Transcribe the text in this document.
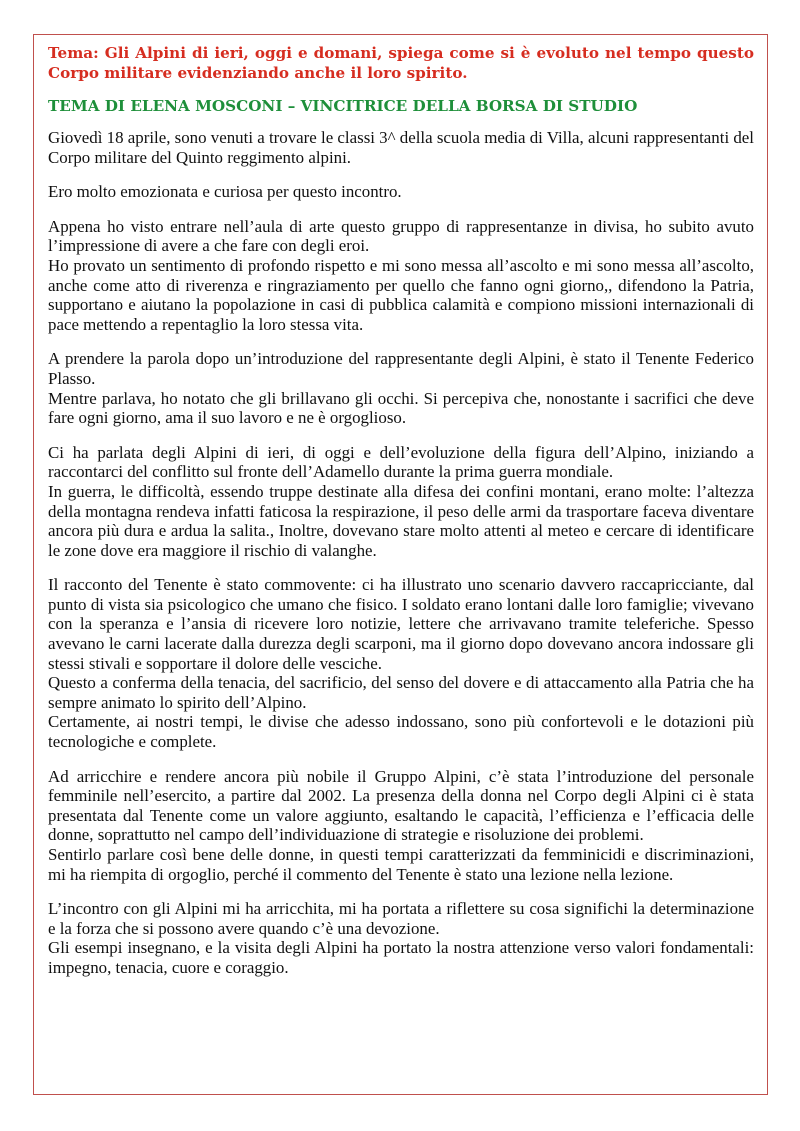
Tema: Gli Alpini di ieri, oggi e domani, spiega come si è evoluto nel tempo questo Corpo militare evidenziando anche il loro spirito.

TEMA DI ELENA MOSCONI – VINCITRICE DELLA BORSA DI STUDIO

Giovedì 18 aprile, sono venuti a trovare le classi 3^ della scuola media di Villa, alcuni rappresentanti del Corpo militare del Quinto reggimento alpini.
Ero molto emozionata e curiosa per questo incontro.
Appena ho visto entrare nell’aula di arte questo gruppo di rappresentanze in divisa, ho subito avuto l’impressione di avere a che fare con degli eroi.
Ho provato un sentimento di profondo rispetto e mi sono messa all’ascolto e mi sono messa all’ascolto, anche come atto di riverenza e ringraziamento per quello che fanno ogni giorno,, difendono la Patria, supportano e aiutano la popolazione in casi di pubblica calamità e compiono missioni internazionali di pace mettendo a repentaglio la loro stessa vita.
A prendere la parola dopo un’introduzione del rappresentante degli Alpini, è stato il Tenente Federico Plasso.
Mentre parlava, ho notato che gli brillavano gli occhi. Si percepiva che, nonostante i sacrifici che deve fare ogni giorno, ama il suo lavoro e ne è orgoglioso.
Ci ha parlata degli Alpini di ieri, di oggi e dell’evoluzione della figura dell’Alpino, iniziando a raccontarci del conflitto sul fronte dell’Adamello durante la prima guerra mondiale.
In guerra, le difficoltà, essendo truppe destinate alla difesa dei confini montani, erano molte: l’altezza della montagna rendeva infatti faticosa la respirazione, il peso delle armi da trasportare faceva diventare ancora più dura e ardua la salita., Inoltre, dovevano stare molto attenti al meteo e cercare di identificare le zone dove era maggiore il rischio di valanghe.
Il racconto del Tenente è stato commovente: ci ha illustrato uno scenario davvero raccapricciante, dal punto di vista sia psicologico che umano che fisico. I soldato erano lontani dalle loro famiglie; vivevano con la speranza e l’ansia di ricevere loro notizie, lettere che arrivavano tramite teleferiche. Spesso avevano le carni lacerate dalla durezza degli scarponi, ma il giorno dopo dovevano ancora indossare gli stessi stivali e sopportare il dolore delle vesciche.
Questo a conferma della tenacia, del sacrificio, del senso del dovere e di attaccamento alla Patria che ha sempre animato lo spirito dell’Alpino.
Certamente, ai nostri tempi, le divise che adesso indossano, sono più confortevoli e le dotazioni più tecnologiche e complete.
Ad arricchire e rendere ancora più nobile il Gruppo Alpini, c’è stata l’introduzione del personale femminile nell’esercito, a partire dal 2002. La presenza della donna nel Corpo degli Alpini ci è stata presentata dal Tenente come un valore aggiunto, esaltando le capacità, l’efficienza e l’efficacia delle donne, soprattutto nel campo dell’individuazione di strategie e risoluzione dei problemi.
Sentirlo parlare così bene delle donne, in questi tempi caratterizzati da femminicidi e discriminazioni, mi ha riempita di orgoglio, perché il commento del Tenente è stato una lezione nella lezione.
L’incontro con gli Alpini mi ha arricchita, mi ha portata a riflettere su cosa significhi la determinazione e la forza che si possono avere quando c’è una devozione.
Gli esempi insegnano, e la visita degli Alpini ha portato la nostra attenzione verso valori fondamentali: impegno, tenacia, cuore e coraggio.
